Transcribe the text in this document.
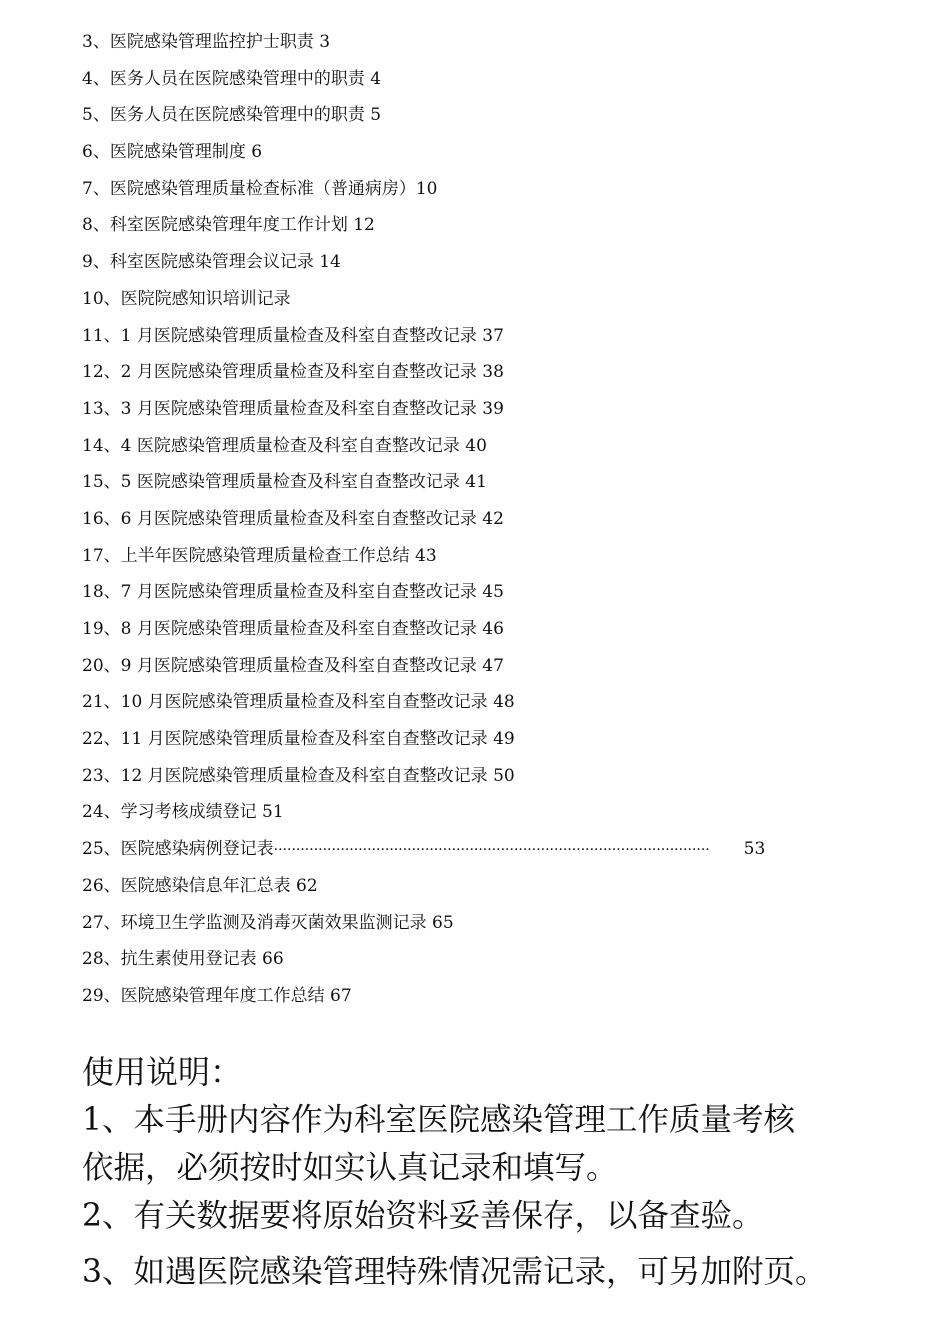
3、医院感染管理监控护士职责 3
4、医务人员在医院感染管理中的职责 4
5、医务人员在医院感染管理中的职责 5
6、医院感染管理制度 6
7、医院感染管理质量检查标准（普通病房）10
8、科室医院感染管理年度工作计划 12
9、科室医院感染管理会议记录 14
10、医院院感知识培训记录
11、1 月医院感染管理质量检查及科室自查整改记录 37
12、2 月医院感染管理质量检查及科室自查整改记录 38
13、3 月医院感染管理质量检查及科室自查整改记录 39
14、4 医院感染管理质量检查及科室自查整改记录 40
15、5 医院感染管理质量检查及科室自查整改记录 41
16、6 月医院感染管理质量检查及科室自查整改记录 42
17、上半年医院感染管理质量检查工作总结 43
18、7 月医院感染管理质量检查及科室自查整改记录 45
19、8 月医院感染管理质量检查及科室自查整改记录 46
20、9 月医院感染管理质量检查及科室自查整改记录 47
21、10 月医院感染管理质量检查及科室自查整改记录 48
22、11 月医院感染管理质量检查及科室自查整改记录 49
23、12 月医院感染管理质量检查及科室自查整改记录 50
24、学习考核成绩登记 51
25、医院感染病例登记表 ··································································································	53
26、医院感染信息年汇总表 62
27、环境卫生学监测及消毒灭菌效果监测记录 65
28、抗生素使用登记表 66
29、医院感染管理年度工作总结 67

使用说明：

1、本手册内容作为科室医院感染管理工作质量考核

依据，必须按时如实认真记录和填写。

2、有关数据要将原始资料妥善保存，以备查验。

3、如遇医院感染管理特殊情况需记录，可另加附页。
